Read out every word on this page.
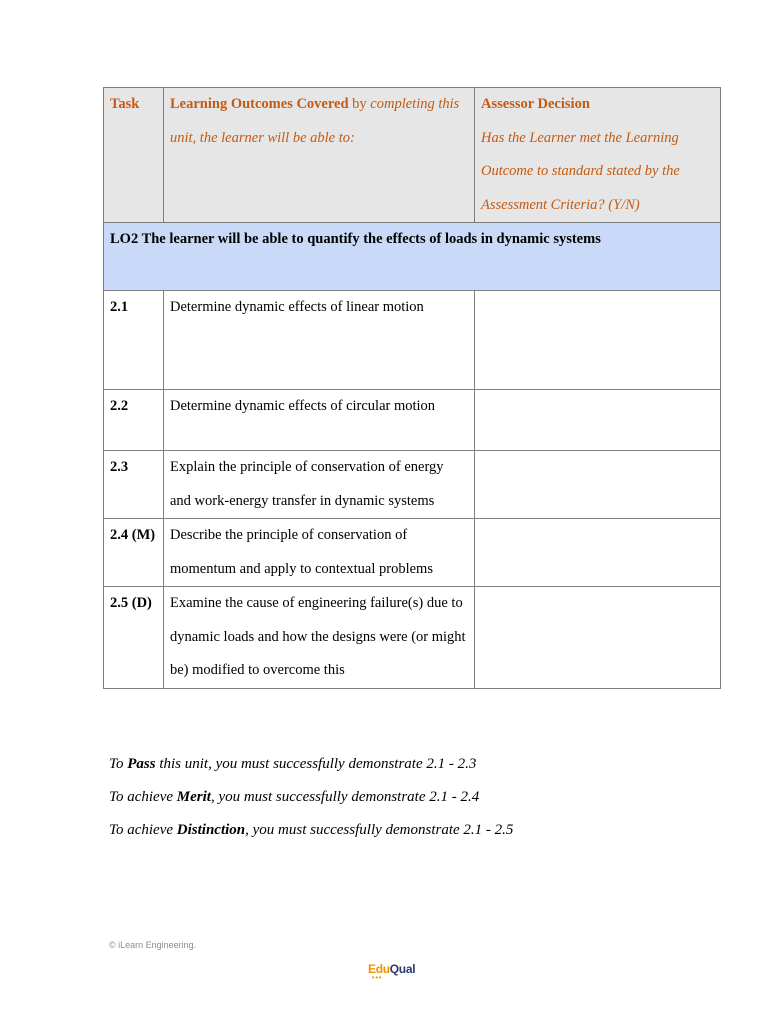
Task	Learning Outcomes Covered by completing this unit, the learner will be able to:	Assessor Decision
Has the Learner met the Learning Outcome to standard stated by the Assessment Criteria? (Y/N)

LO2 The learner will be able to quantify the effects of loads in dynamic systems		
2.1	Determine dynamic effects of linear motion	
2.2	Determine dynamic effects of circular motion	
2.3	Explain the principle of conservation of energy and work-energy transfer in dynamic systems	
2.4 (M)	Describe the principle of conservation of momentum and apply to contextual problems	
2.5 (D)	Examine the cause of engineering failure(s) due to dynamic loads and how the designs were (or might be) modified to overcome this	
To Pass this unit, you must successfully demonstrate 2.1 - 2.3
To achieve Merit, you must successfully demonstrate 2.1 - 2.4
To achieve Distinction, you must successfully demonstrate 2.1 - 2.5
© iLearn Engineering.
EduQual
•••
